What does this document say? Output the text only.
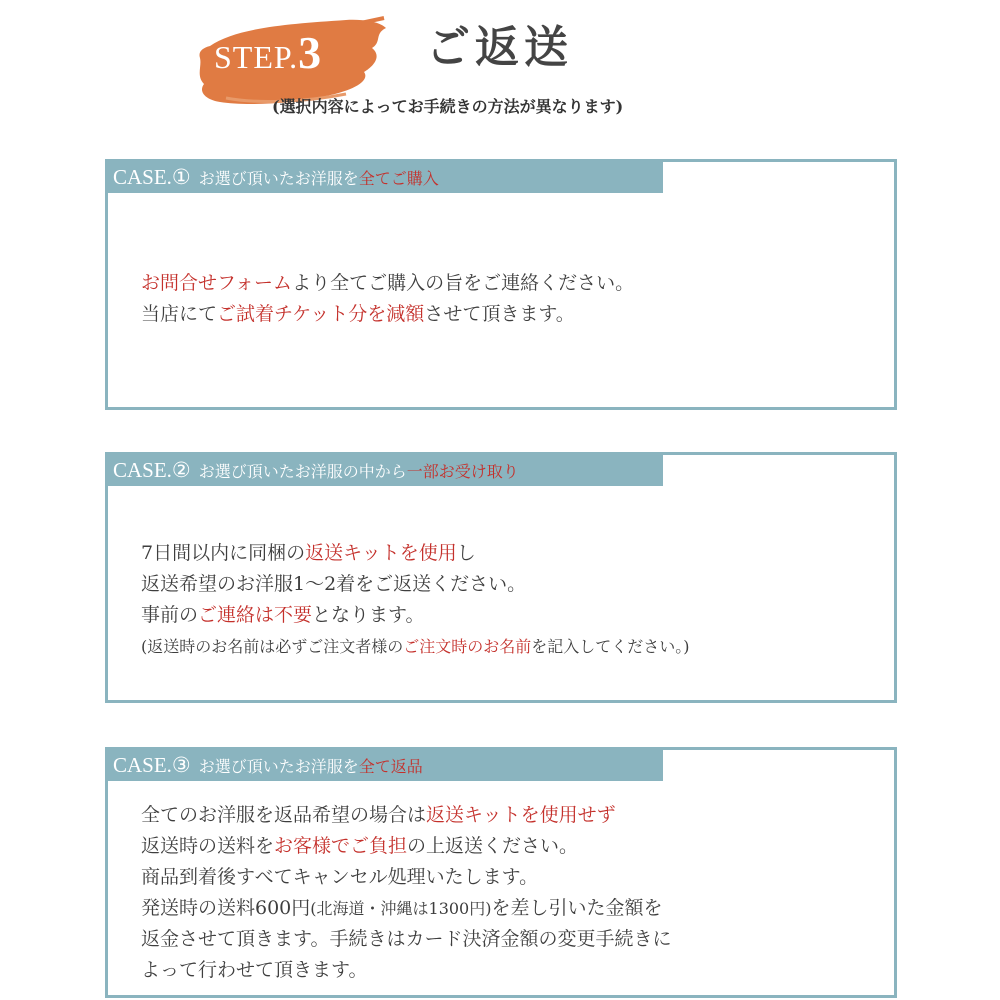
STEP.3 ご返送
(選択内容によってお手続きの方法が異なります)
CASE.① お選び頂いたお洋服を全てご購入
お問合せフォームより全てご購入の旨をご連絡ください。
当店にてご試着チケット分を減額させて頂きます。
CASE.② お選び頂いたお洋服の中から一部お受け取り
7日間以内に同梱の返送キットを使用し
返送希望のお洋服1〜2着をご返送ください。
事前のご連絡は不要となります。
(返送時のお名前は必ずご注文者様のご注文時のお名前を記入してください。)
CASE.③ お選び頂いたお洋服を全て返品
全てのお洋服を返品希望の場合は返送キットを使用せず
返送時の送料をお客様でご負担の上返送ください。
商品到着後すべてキャンセル処理いたします。
発送時の送料600円(北海道・沖縄は1300円)を差し引いた金額を
返金させて頂きます。手続きはカード決済金額の変更手続きに
よって行わせて頂きます。
